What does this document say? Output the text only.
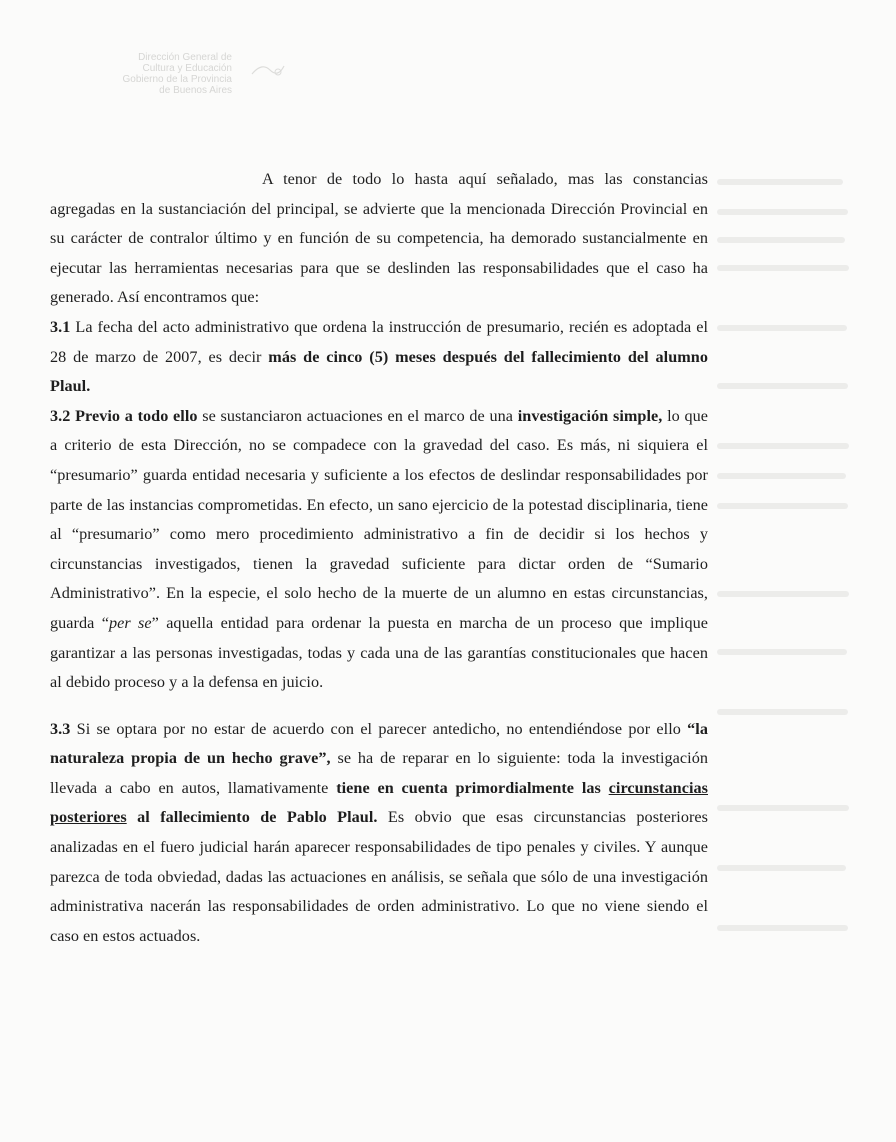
Dirección General de
Cultura y Educación
Gobierno de la Provincia
de Buenos Aires

A tenor de todo lo hasta aquí señalado, mas las constancias agregadas en la sustanciación del principal, se advierte que la mencionada Dirección Provincial en su carácter de contralor último y en función de su competencia, ha demorado sustancialmente en ejecutar las herramientas necesarias para que se deslinden las responsabilidades que el caso ha generado. Así encontramos que:

3.1 La fecha del acto administrativo que ordena la instrucción de presumario, recién es adoptada el 28 de marzo de 2007, es decir más de cinco (5) meses después del fallecimiento del alumno Plaul.

3.2 Previo a todo ello se sustanciaron actuaciones en el marco de una investigación simple, lo que a criterio de esta Dirección, no se compadece con la gravedad del caso. Es más, ni siquiera el “presumario” guarda entidad necesaria y suficiente a los efectos de deslindar responsabilidades por parte de las instancias comprometidas. En efecto, un sano ejercicio de la potestad disciplinaria, tiene al “presumario” como mero procedimiento administrativo a fin de decidir si los hechos y circunstancias investigados, tienen la gravedad suficiente para dictar orden de “Sumario Administrativo”. En la especie, el solo hecho de la muerte de un alumno en estas circunstancias, guarda “per se” aquella entidad para ordenar la puesta en marcha de un proceso que implique garantizar a las personas investigadas, todas y cada una de las garantías constitucionales que hacen al debido proceso y a la defensa en juicio.

3.3 Si se optara por no estar de acuerdo con el parecer antedicho, no entendiéndose por ello “la naturaleza propia de un hecho grave”, se ha de reparar en lo siguiente: toda la investigación llevada a cabo en autos, llamativamente tiene en cuenta primordialmente las circunstancias posteriores al fallecimiento de Pablo Plaul. Es obvio que esas circunstancias posteriores analizadas en el fuero judicial harán aparecer responsabilidades de tipo penales y civiles. Y aunque parezca de toda obviedad, dadas las actuaciones en análisis, se señala que sólo de una investigación administrativa nacerán las responsabilidades de orden administrativo. Lo que no viene siendo el caso en estos actuados.
